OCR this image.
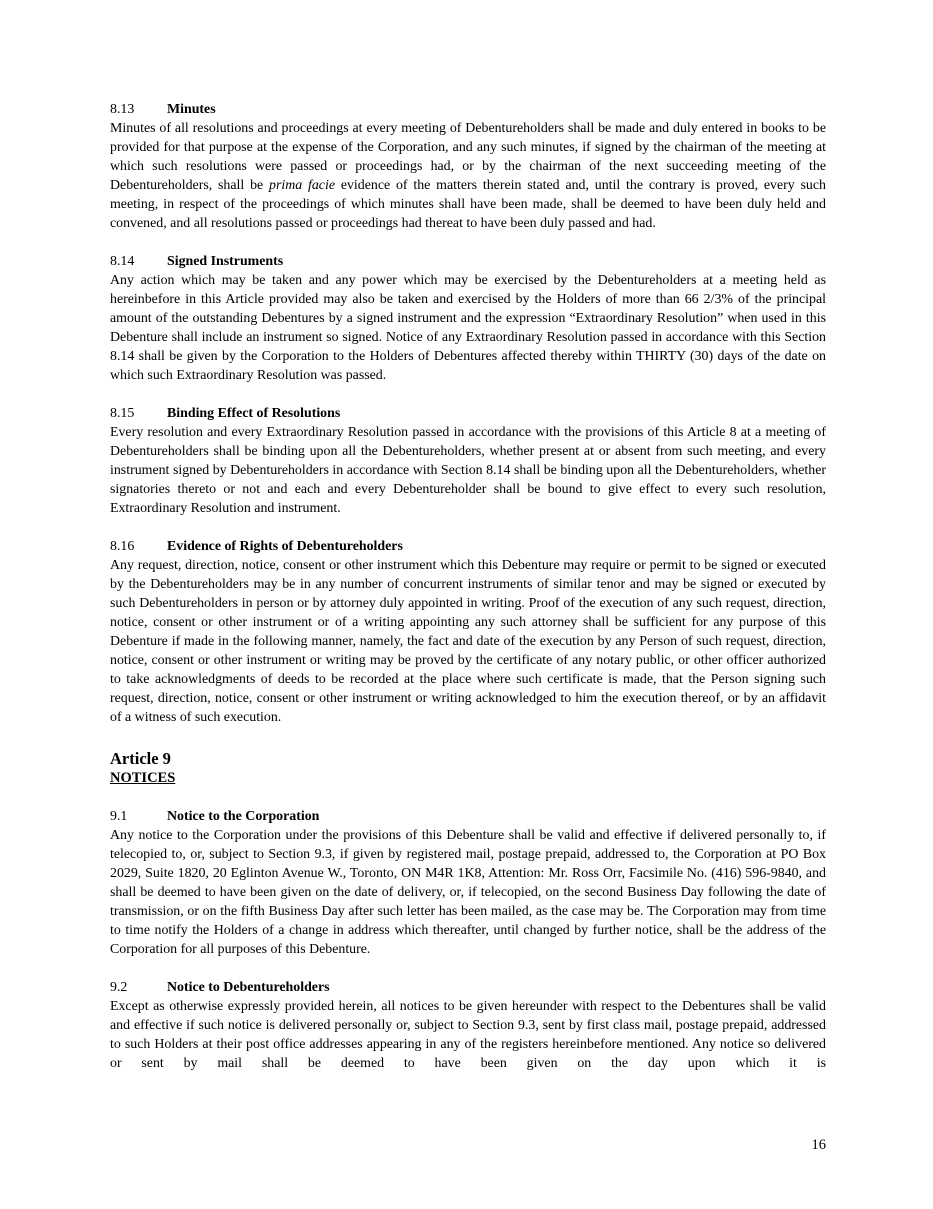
8.13 Minutes

Minutes of all resolutions and proceedings at every meeting of Debentureholders shall be made and duly entered in books to be provided for that purpose at the expense of the Corporation, and any such minutes, if signed by the chairman of the meeting at which such resolutions were passed or proceedings had, or by the chairman of the next succeeding meeting of the Debentureholders, shall be prima facie evidence of the matters therein stated and, until the contrary is proved, every such meeting, in respect of the proceedings of which minutes shall have been made, shall be deemed to have been duly held and convened, and all resolutions passed or proceedings had thereat to have been duly passed and had.

8.14 Signed Instruments

Any action which may be taken and any power which may be exercised by the Debentureholders at a meeting held as hereinbefore in this Article provided may also be taken and exercised by the Holders of more than 66 2/3% of the principal amount of the outstanding Debentures by a signed instrument and the expression “Extraordinary Resolution” when used in this Debenture shall include an instrument so signed. Notice of any Extraordinary Resolution passed in accordance with this Section 8.14 shall be given by the Corporation to the Holders of Debentures affected thereby within THIRTY (30) days of the date on which such Extraordinary Resolution was passed.

8.15 Binding Effect of Resolutions

Every resolution and every Extraordinary Resolution passed in accordance with the provisions of this Article 8 at a meeting of Debentureholders shall be binding upon all the Debentureholders, whether present at or absent from such meeting, and every instrument signed by Debentureholders in accordance with Section 8.14 shall be binding upon all the Debentureholders, whether signatories thereto or not and each and every Debentureholder shall be bound to give effect to every such resolution, Extraordinary Resolution and instrument.

8.16 Evidence of Rights of Debentureholders

Any request, direction, notice, consent or other instrument which this Debenture may require or permit to be signed or executed by the Debentureholders may be in any number of concurrent instruments of similar tenor and may be signed or executed by such Debentureholders in person or by attorney duly appointed in writing. Proof of the execution of any such request, direction, notice, consent or other instrument or of a writing appointing any such attorney shall be sufficient for any purpose of this Debenture if made in the following manner, namely, the fact and date of the execution by any Person of such request, direction, notice, consent or other instrument or writing may be proved by the certificate of any notary public, or other officer authorized to take acknowledgments of deeds to be recorded at the place where such certificate is made, that the Person signing such request, direction, notice, consent or other instrument or writing acknowledged to him the execution thereof, or by an affidavit of a witness of such execution.

Article 9
NOTICES
9.1	Notice to the Corporation

Any notice to the Corporation under the provisions of this Debenture shall be valid and effective if delivered personally to, if telecopied to, or, subject to Section 9.3, if given by registered mail, postage prepaid, addressed to, the Corporation at PO Box 2029, Suite 1820, 20 Eglinton Avenue W., Toronto, ON M4R 1K8, Attention: Mr. Ross Orr, Facsimile No. (416) 596-9840, and shall be deemed to have been given on the date of delivery, or, if telecopied, on the second Business Day following the date of transmission, or on the fifth Business Day after such letter has been mailed, as the case may be. The Corporation may from time to time notify the Holders of a change in address which thereafter, until changed by further notice, shall be the address of the Corporation for all purposes of this Debenture.

9.2	Notice to Debentureholders

Except as otherwise expressly provided herein, all notices to be given hereunder with respect to the Debentures shall be valid and effective if such notice is delivered personally or, subject to Section 9.3, sent by first class mail, postage prepaid, addressed to such Holders at their post office addresses appearing in any of the registers hereinbefore mentioned. Any notice so delivered or sent by mail shall be deemed to have been given on the day upon which it is

16
